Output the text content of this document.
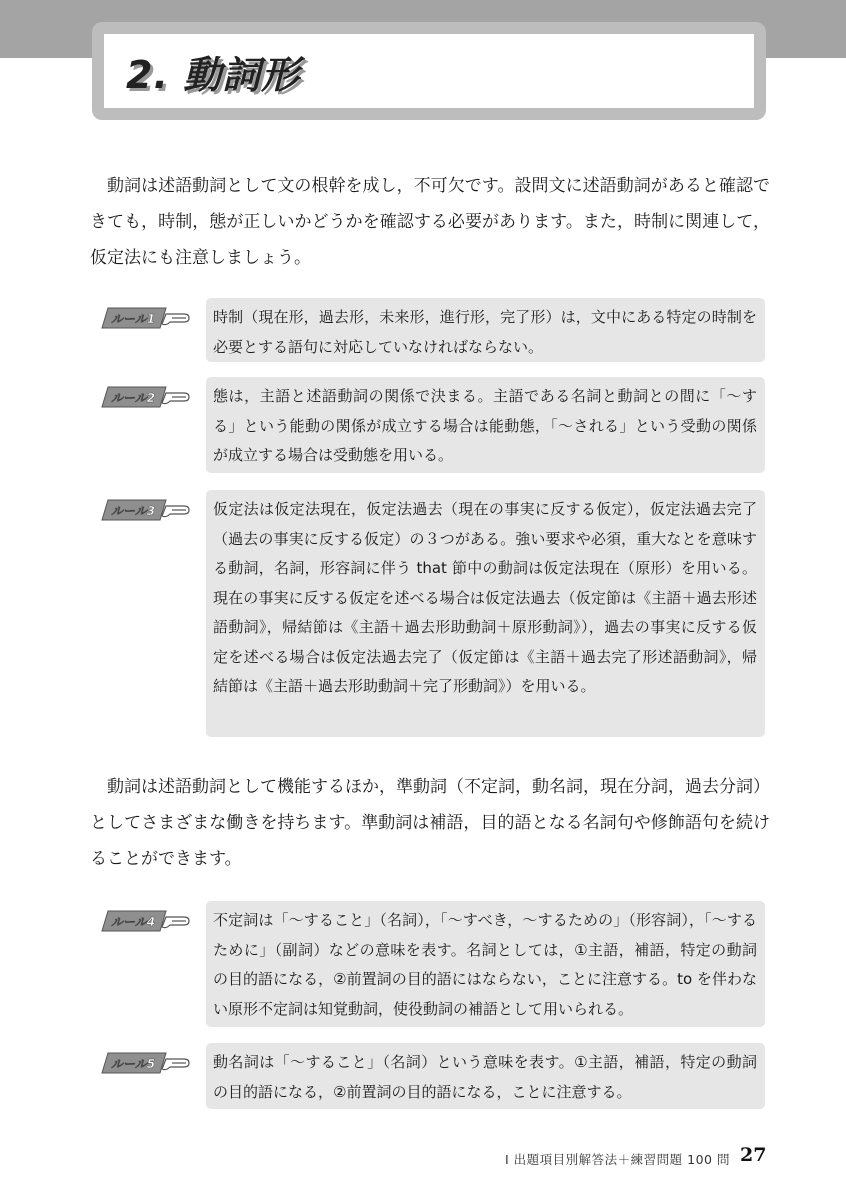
2. 動詞形

動詞は述語動詞として文の根幹を成し，不可欠です。設問文に述語動詞があると確認できても，時制，態が正しいかどうかを確認する必要があります。また，時制に関連して，仮定法にも注意しましょう。

ルール1	時制（現在形，過去形，未来形，進行形，完了形）は，文中にある特定の時制を必要とする語句に対応していなければならない。
ルール2	態は，主語と述語動詞の関係で決まる。主語である名詞と動詞との間に「～する」という能動の関係が成立する場合は能動態，「～される」という受動の関係が成立する場合は受動態を用いる。
ルール3	仮定法は仮定法現在，仮定法過去（現在の事実に反する仮定），仮定法過去完了（過去の事実に反する仮定）の３つがある。強い要求や必須，重大なとを意味する動詞，名詞，形容詞に伴う that 節中の動詞は仮定法現在（原形）を用いる。現在の事実に反する仮定を述べる場合は仮定法過去（仮定節は《主語＋過去形述語動詞》，帰結節は《主語＋過去形助動詞＋原形動詞》），過去の事実に反する仮定を述べる場合は仮定法過去完了（仮定節は《主語＋過去完了形述語動詞》，帰結節は《主語＋過去形助動詞＋完了形動詞》）を用いる。

動詞は述語動詞として機能するほか，準動詞（不定詞，動名詞，現在分詞，過去分詞）としてさまざまな働きを持ちます。準動詞は補語，目的語となる名詞句や修飾語句を続けることができます。

ルール4	不定詞は「～すること」（名詞），「～すべき，～するための」（形容詞），「～するために」（副詞）などの意味を表す。名詞としては，①主語，補語，特定の動詞の目的語になる，②前置詞の目的語にはならない，ことに注意する。to を伴わない原形不定詞は知覚動詞，使役動詞の補語として用いられる。
ルール5	動名詞は「～すること」（名詞）という意味を表す。①主語，補語，特定の動詞の目的語になる，②前置詞の目的語になる，ことに注意する。
Ⅰ 出題項目別解答法＋練習問題 100 問 27
